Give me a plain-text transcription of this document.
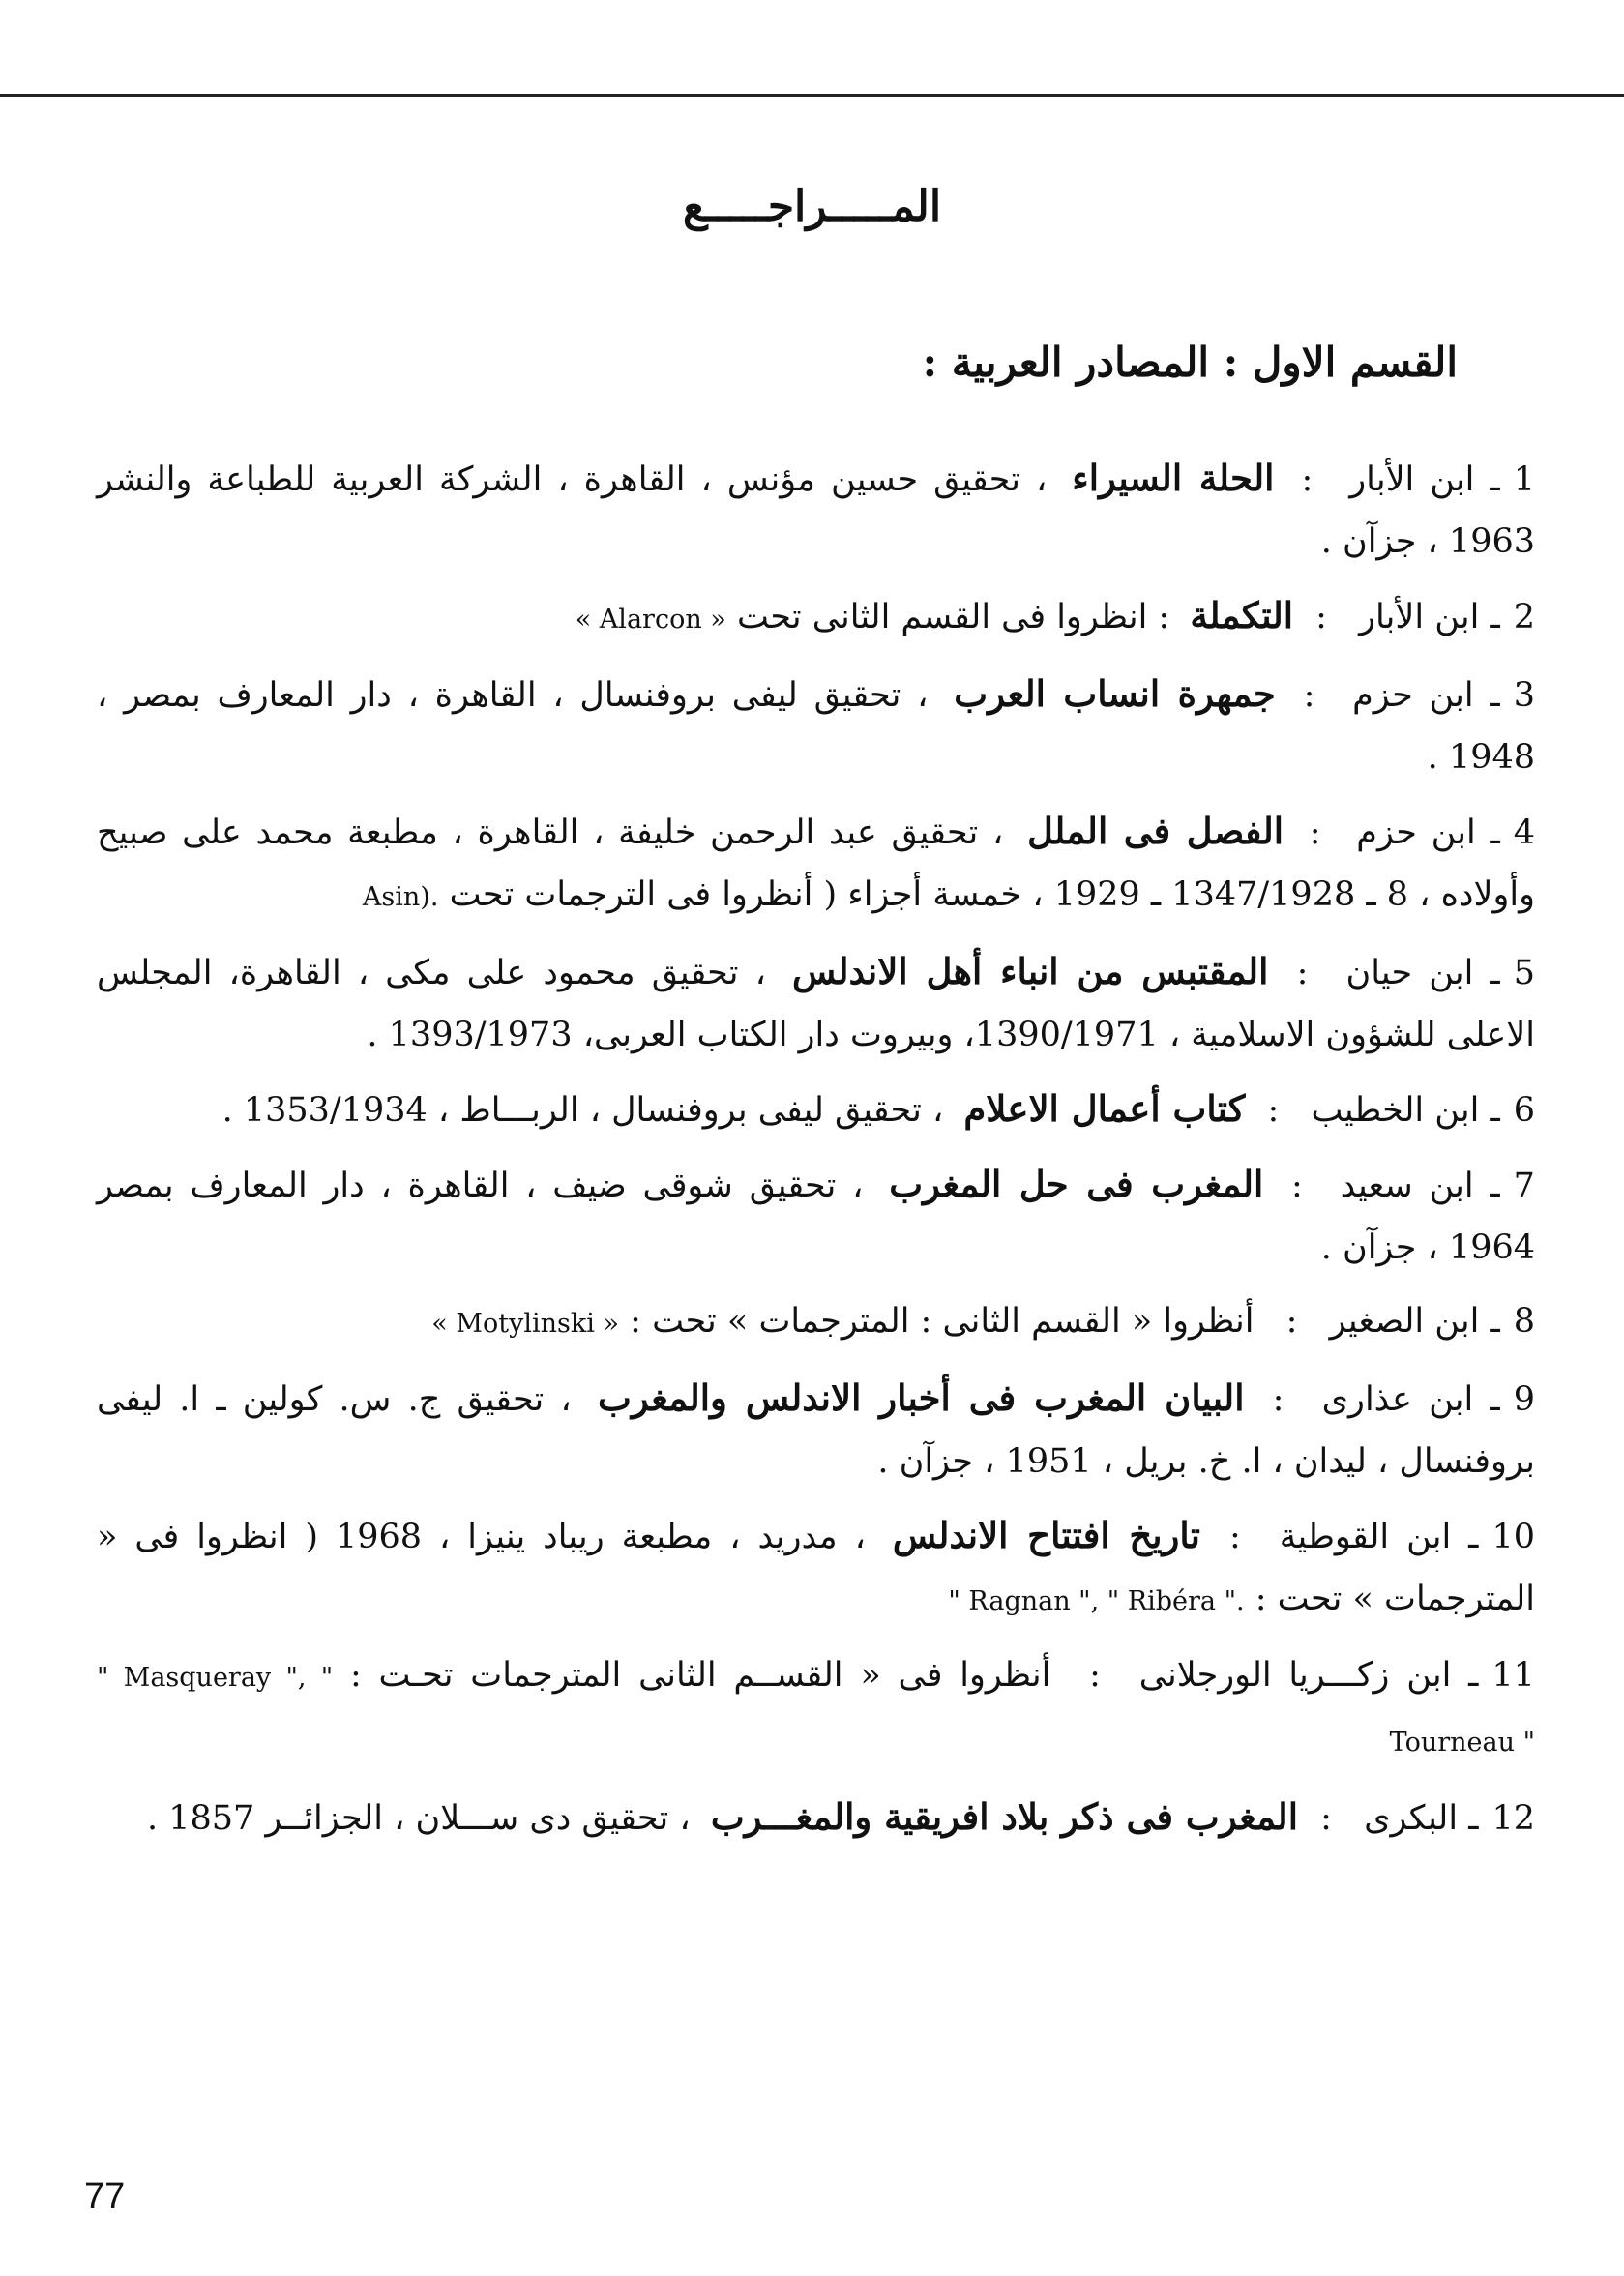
المـــــراجـــــع
القسم الاول : المصادر العربية :

1ـ ابن الأبار : الحلة السيراء ، تحقيق حسين مؤنس ، القاهرة ، الشركة العربية للطباعة والنشر 1963 ، جزآن .

2ـ ابن الأبار : التكملة : انظروا فى القسم الثانى تحت « Alarcon »

3ـ ابن حزم : جمهرة انساب العرب ، تحقيق ليفى بروفنسال ، القاهرة ، دار المعارف بمصر ، 1948 .

4ـ ابن حزم : الفصل فى الملل ، تحقيق عبد الرحمن خليفة ، القاهرة ، مطبعة محمد على صبيح وأولاده ، 8 ـ 1347/1928 ـ 1929 ، خمسة أجزاء ( أنظروا فى الترجمات تحت Asin).

5ـ ابن حيان : المقتبس من انباء أهل الاندلس ، تحقيق محمود على مكى ، القاهرة، المجلس الاعلى للشؤون الاسلامية ، 1390/1971، وبيروت دار الكتاب العربى، 1393/1973 .

6ـ ابن الخطيب : كتاب أعمال الاعلام ، تحقيق ليفى بروفنسال ، الربـــاط ، 1353/1934 .

7ـ ابن سعيد : المغرب فى حل المغرب ، تحقيق شوقى ضيف ، القاهرة ، دار المعارف بمصر 1964 ، جزآن .

8ـ ابن الصغير : أنظروا « القسم الثانى : المترجمات » تحت : « Motylinski »

9ـ ابن عذارى : البيان المغرب فى أخبار الاندلس والمغرب ، تحقيق ج. س. كولين ـ ا. ليفى بروفنسال ، ليدان ، ا. خ. بريل ، 1951 ، جزآن .

10ـ ابن القوطية : تاريخ افتتاح الاندلس ، مدريد ، مطبعة ريباد ينيزا ، 1968 ( انظروا فى « المترجمات » تحت : " Ragnan ", " Ribéra ".

11ـ ابن زكـــريا الورجلانى : أنظروا فى « القســم الثانى المترجمات تحـت : " Masqueray ", " Tourneau "

12ـ البكرى : المغرب فى ذكر بلاد افريقية والمغـــرب ، تحقيق دى ســـلان ، الجزائــر 1857 .

77
